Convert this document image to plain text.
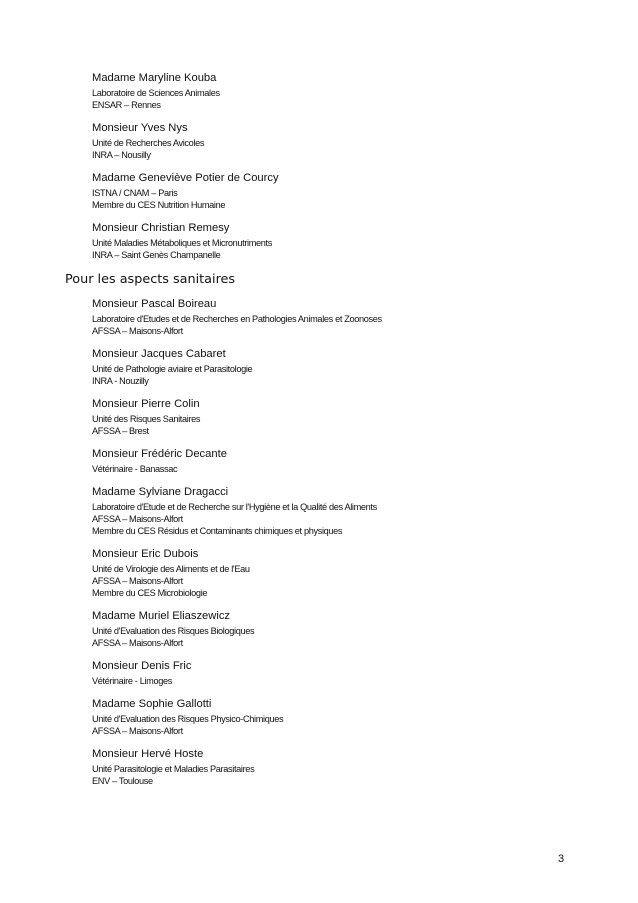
Madame Maryline Kouba
Laboratoire de Sciences Animales
ENSAR – Rennes
Monsieur Yves Nys
Unité de Recherches Avicoles
INRA – Nousilly
Madame Geneviève Potier de Courcy
ISTNA / CNAM – Paris
Membre du CES Nutrition Humaine
Monsieur Christian Remesy
Unité Maladies Métaboliques et Micronutriments
INRA – Saint Genès Champanelle
Pour les aspects sanitaires
Monsieur Pascal Boireau
Laboratoire d'Etudes et de Recherches en Pathologies Animales et Zoonoses
AFSSA – Maisons-Alfort
Monsieur Jacques Cabaret
Unité de Pathologie aviaire et Parasitologie
INRA - Nouzilly
Monsieur Pierre Colin
Unité des Risques Sanitaires
AFSSA – Brest
Monsieur Frédéric Decante
Vétérinaire - Banassac
Madame Sylviane Dragacci
Laboratoire d'Etude et de Recherche sur l'Hygiène et la Qualité des Aliments
AFSSA – Maisons-Alfort
Membre du CES Résidus et Contaminants chimiques et physiques
Monsieur Eric Dubois
Unité de Virologie des Aliments et de l'Eau
AFSSA – Maisons-Alfort
Membre du CES Microbiologie
Madame Muriel Eliaszewicz
Unité d'Evaluation des Risques Biologiques
AFSSA – Maisons-Alfort
Monsieur Denis Fric
Vétérinaire - Limoges
Madame Sophie Gallotti
Unité d'Evaluation des Risques Physico-Chimiques
AFSSA – Maisons-Alfort
Monsieur Hervé Hoste
Unité Parasitologie et Maladies Parasitaires
ENV – Toulouse
3
